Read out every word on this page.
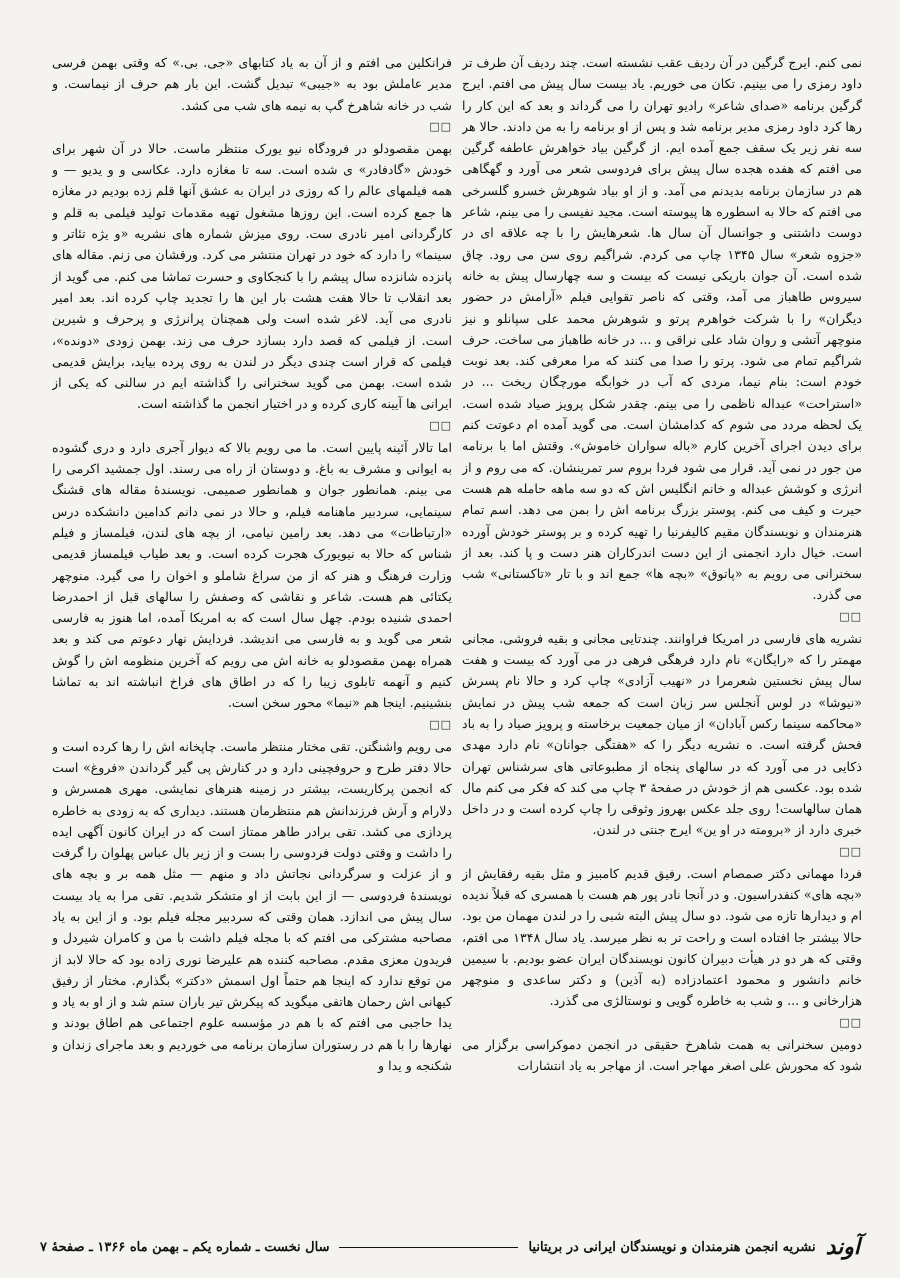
نمی کنم. ایرج گرگین در آن ردیف عقب نشسته است. چند ردیف آن طرف تر داود رمزی را می بینیم. تکان می خوریم. یاد بیست سال پیش می افتم. ایرج گرگین برنامه «صدای شاعر» رادیو تهران را می گرداند و بعد که این کار را رها کرد داود رمزی مدیر برنامه شد و پس از او برنامه را به من دادند. حالا هر سه نفر زیر یک سقف جمع آمده ایم. از گرگین بیاد خواهرش عاطفه گرگین می افتم که هفده هجده سال پیش برای فردوسی شعر می آورد و گهگاهی هم در سازمان برنامه بدیدنم می آمد. و از او بیاد شوهرش خسرو گلسرخی می افتم که حالا به اسطوره ها پیوسته است. مجید نفیسی را می بینم، شاعر دوست داشتنی و جوانسال آن سال ها. شعرهایش را با چه علاقه ای در «جزوه شعر» سال ۱۳۴۵ چاپ می کردم. شراگیم روی سن می رود. چاق شده است. آن جوان باریکی نیست که بیست و سه چهارسال پیش به خانه سیروس طاهباز می آمد، وقتی که ناصر تقوایی فیلم «آرامش در حضور دیگران» را با شرکت خواهرم پرتو و شوهرش محمد علی سپانلو و نیز منوچهر آتشی و روان شاد علی نراقی و ... در خانه طاهباز می ساخت. حرف شراگیم تمام می شود. پرتو را صدا می کنند که مرا معرفی کند. بعد نوبت خودم است: بنام نیما، مردی که آب در خوابگه مورچگان ریخت ... در «استراحت» عبداله ناظمی را می بینم. چقدر شکل پرویز صیاد شده است. یک لحظه مردد می شوم که کدامشان است. می گوید آمده ام دعوتت کنم برای دیدن اجرای آخرین کارم «باله سواران خاموش». وقتش اما با برنامه من جور در نمی آید. قرار می شود فردا بروم سر تمرینشان. که می روم و از انرژی و کوشش عبداله و خانم انگلیس اش که دو سه ماهه حامله هم هست حیرت و کیف می کنم. پوستر بزرگ برنامه اش را بمن می دهد. اسم تمام هنرمندان و نویسندگان مقیم کالیفرنیا را تهیه کرده و بر پوستر خودش آورده است. خیال دارد انجمنی از این دست اندرکاران هنر دست و پا کند. بعد از سخنرانی می رویم به «پاتوق» «بچه ها» جمع اند و با تار «تاکستانی» شب می گذرد.

□□

نشریه های فارسی در امریکا فراوانند. چندتایی مجانی و بقیه فروشی. مجانی مهمتر را که «رایگان» نام دارد فرهگی فرهی در می آورد که بیست و هفت سال پیش نخستین شعرمرا در «نهیب آزادی» چاپ کرد و حالا نام پسرش «نیوشا» در لوس آنجلس سر زبان است که جمعه شب پیش در نمایش «محاکمه سینما رکس آبادان» از میان جمعیت برخاسته و پرویز صیاد را به باد فحش گرفته است. ه نشریه دیگر را که «هفتگی جوانان» نام دارد مهدی ذکایی در می آورد که در سالهای پنجاه از مطبوعاتی های سرشناس تهران شده بود. عکسی هم از خودش در صفحهٔ ۳ چاپ می کند که فکر می کنم مال همان سالهاست! روی جلد عکس بهروز وثوقی را چاپ کرده است و در داخل خبری دارد از «برومته در او ین» ایرج جنتی در لندن.

□□

فردا مهمانی دکتر صمصام است. رفیق قدیم کامبیز و مثل بقیه رفقایش از «بچه های» کنفدراسیون. و در آنجا نادر پور هم هست با همسری که قبلاً ندیده ام و دیدارها تازه می شود. دو سال پیش البته شبی را در لندن مهمان من بود. حالا بیشتر جا افتاده است و راحت تر به نظر میرسد. یاد سال ۱۳۴۸ می افتم، وقتی که هر دو در هیأت دبیران کانون نویسندگان ایران عضو بودیم. با سیمین خانم دانشور و محمود اعتمادزاده (به آذین) و دکتر ساعدی و منوچهر هزارخانی و ... و شب به خاطره گویی و نوستالژی می گذرد.

□□

دومین سخنرانی به همت شاهرخ حقیقی در انجمن دموکراسی برگزار می شود که محورش علی اصغر مهاجر است. از مهاجر به یاد انتشارات

فرانکلین می افتم و از آن به یاد کتابهای «جی. بی.» که وقتی بهمن فرسی مدیر عاملش بود به «جیبی» تبدیل گشت. این بار هم حرف از نیماست. و شب در خانه شاهرخ گپ به نیمه های شب می کشد.

□□

بهمن مقصودلو در فرودگاه نیو یورک منتظر ماست. حالا در آن شهر برای خودش «گادفادر» ی شده است. سه تا مغازه دارد. عکاسی و و یدیو — و همه فیلمهای عالم را که روزی در ایران به عشق آنها قلم زده بودیم در مغازه ها جمع کرده است. این روزها مشغول تهیه مقدمات تولید فیلمی به قلم و کارگردانی امیر نادری ست. روی میزش شماره های نشریه «و یژه تئاتر و سینما» را دارد که خود در تهران منتشر می کرد. ورقشان می زنم. مقاله های پانزده شانزده سال پیشم را با کنجکاوی و حسرت تماشا می کنم. می گوید از بعد انقلاب تا حالا هفت هشت بار این ها را تجدید چاپ کرده اند. بعد امیر نادری می آید. لاغر شده است ولی همچنان پرانرژی و پرحرف و شیرین است. از فیلمی که قصد دارد بسازد حرف می زند. بهمن زودی «دونده»، فیلمی که قرار است چندی دیگر در لندن به روی پرده بیاید، برایش قدیمی شده است. بهمن می گوید سخنرانی را گذاشته ایم در سالنی که یکی از ایرانی ها آیینه کاری کرده و در اختیار انجمن ما گذاشته است.

□□

اما تالار آئینه پایین است. ما می رویم بالا که دیوار آجری دارد و دری گشوده به ایوانی و مشرف به باغ. و دوستان از راه می رسند. اول جمشید اکرمی را می بینم. همانطور جوان و همانطور صمیمی. نویسندهٔ مقاله های قشنگ سینمایی، سردبیر ماهنامه فیلم، و حالا در نمی دانم کدامین دانشکده درس «ارتباطات» می دهد. بعد رامین نیامی، از بچه های لندن، فیلمساز و فیلم شناس که حالا به نیویورک هجرت کرده است. و بعد طیاب فیلمساز قدیمی وزارت فرهنگ و هنر که از من سراغ شاملو و اخوان را می گیرد. منوچهر یکتائی هم هست. شاعر و نقاشی که وصفش را سالهای قبل از احمدرضا احمدی شنیده بودم. چهل سال است که به امریکا آمده، اما هنوز به فارسی شعر می گوید و به فارسی می اندیشد. فردایش نهار دعوتم می کند و بعد همراه بهمن مقصودلو به خانه اش می رویم که آخرین منظومه اش را گوش کنیم و آنهمه تابلوی زیبا را که در اطاق های فراخ انباشته اند به تماشا بنشینیم. اینجا هم «نیما» محور سخن است.

□□

می رویم واشنگتن. تقی مختار منتظر ماست. چاپخانه اش را رها کرده است و حالا دفتر طرح و حروفچینی دارد و در کنارش پی گیر گرداندن «فروغ» است که انجمن پرکاریست، بیشتر در زمینه هنرهای نمایشی. مهری همسرش و دلارام و آرش فرزندانش هم منتظرمان هستند. دیداری که به زودی به خاطره پردازی می کشد. تقی برادر طاهر ممتاز است که در ایران کانون آگهی ایده را داشت و وقتی دولت فردوسی را بست و از زیر بال عباس پهلوان را گرفت و از عزلت و سرگردانی نجاتش داد و منهم — مثل همه بر و بچه های نویسندهٔ فردوسی — از این بابت از او متشکر شدیم. تقی مرا به یاد بیست سال پیش می اندازد. همان وقتی که سردبیر مجله فیلم بود. و از این به یاد مصاحبه مشترکی می افتم که با مجله فیلم داشت با من و کامران شیردل و فریدون معزی مقدم. مصاحبه کننده هم علیرضا نوری زاده بود که حالا لابد از من توقع ندارد که اینجا هم حتماً اول اسمش «دکتر» بگذارم. مختار از رفیق کیهانی اش رحمان هاتفی میگوید که پیکرش تیر باران ستم شد و از او به یاد و یدا حاجبی می افتم که با هم در مؤسسه علوم اجتماعی هم اطاق بودند و نهارها را با هم در رستوران سازمان برنامه می خوردیم و بعد ماجرای زندان و شکنجه و یدا و

آوند
نشریه انجمن هنرمندان و نویسندگان ایرانی در بریتانیا
سال نخست ـ شماره یکم ـ بهمن ماه ۱۳۶۶ ـ صفحهٔ ۷
